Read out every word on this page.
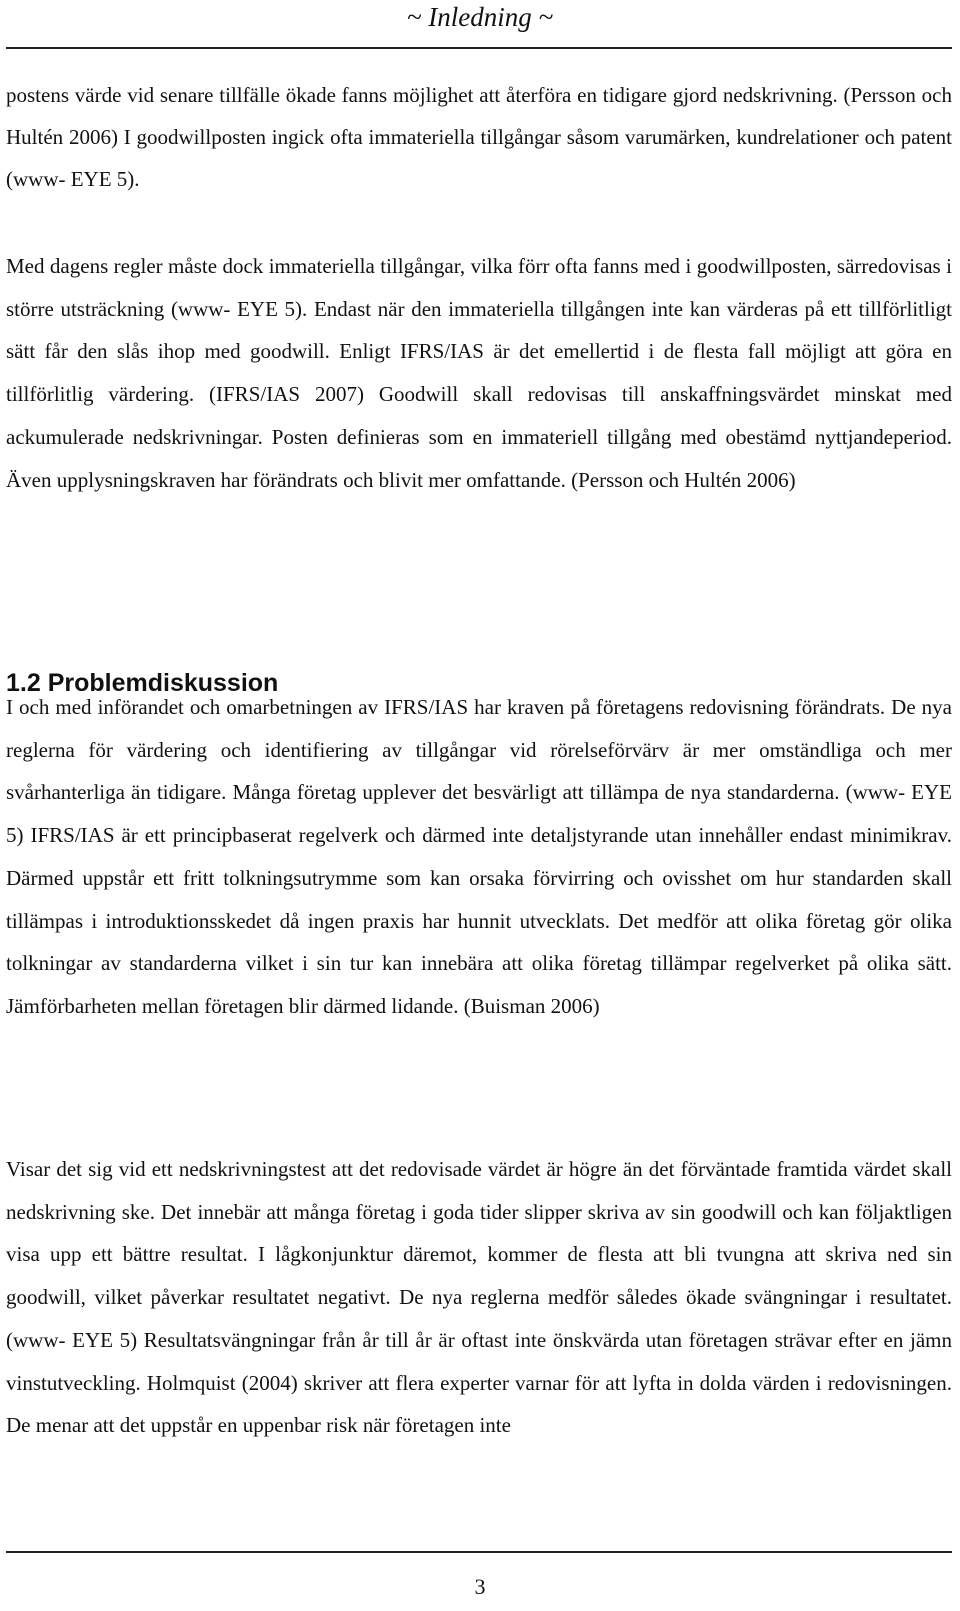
~ Inledning ~

postens värde vid senare tillfälle ökade fanns möjlighet att återföra en tidigare gjord nedskrivning. (Persson och Hultén 2006) I goodwillposten ingick ofta immateriella tillgångar såsom varumärken, kundrelationer och patent (www- EYE 5).

Med dagens regler måste dock immateriella tillgångar, vilka förr ofta fanns med i goodwillposten, särredovisas i större utsträckning (www- EYE 5). Endast när den immateriella tillgången inte kan värderas på ett tillförlitligt sätt får den slås ihop med goodwill. Enligt IFRS/IAS är det emellertid i de flesta fall möjligt att göra en tillförlitlig värdering. (IFRS/IAS 2007) Goodwill skall redovisas till anskaffningsvärdet minskat med ackumulerade nedskrivningar. Posten definieras som en immateriell tillgång med obestämd nyttjandeperiod. Även upplysningskraven har förändrats och blivit mer omfattande. (Persson och Hultén 2006)

1.2 Problemdiskussion

I och med införandet och omarbetningen av IFRS/IAS har kraven på företagens redovisning förändrats. De nya reglerna för värdering och identifiering av tillgångar vid rörelseförvärv är mer omständliga och mer svårhanterliga än tidigare. Många företag upplever det besvärligt att tillämpa de nya standarderna. (www- EYE 5) IFRS/IAS är ett principbaserat regelverk och därmed inte detaljstyrande utan innehåller endast minimikrav. Därmed uppstår ett fritt tolkningsutrymme som kan orsaka förvirring och ovisshet om hur standarden skall tillämpas i introduktionsskedet då ingen praxis har hunnit utvecklats. Det medför att olika företag gör olika tolkningar av standarderna vilket i sin tur kan innebära att olika företag tillämpar regelverket på olika sätt. Jämförbarheten mellan företagen blir därmed lidande. (Buisman 2006)

Visar det sig vid ett nedskrivningstest att det redovisade värdet är högre än det förväntade framtida värdet skall nedskrivning ske. Det innebär att många företag i goda tider slipper skriva av sin goodwill och kan följaktligen visa upp ett bättre resultat. I lågkonjunktur däremot, kommer de flesta att bli tvungna att skriva ned sin goodwill, vilket påverkar resultatet negativt. De nya reglerna medför således ökade svängningar i resultatet. (www- EYE 5) Resultatsvängningar från år till år är oftast inte önskvärda utan företagen strävar efter en jämn vinstutveckling. Holmquist (2004) skriver att flera experter varnar för att lyfta in dolda värden i redovisningen. De menar att det uppstår en uppenbar risk när företagen inte

3
